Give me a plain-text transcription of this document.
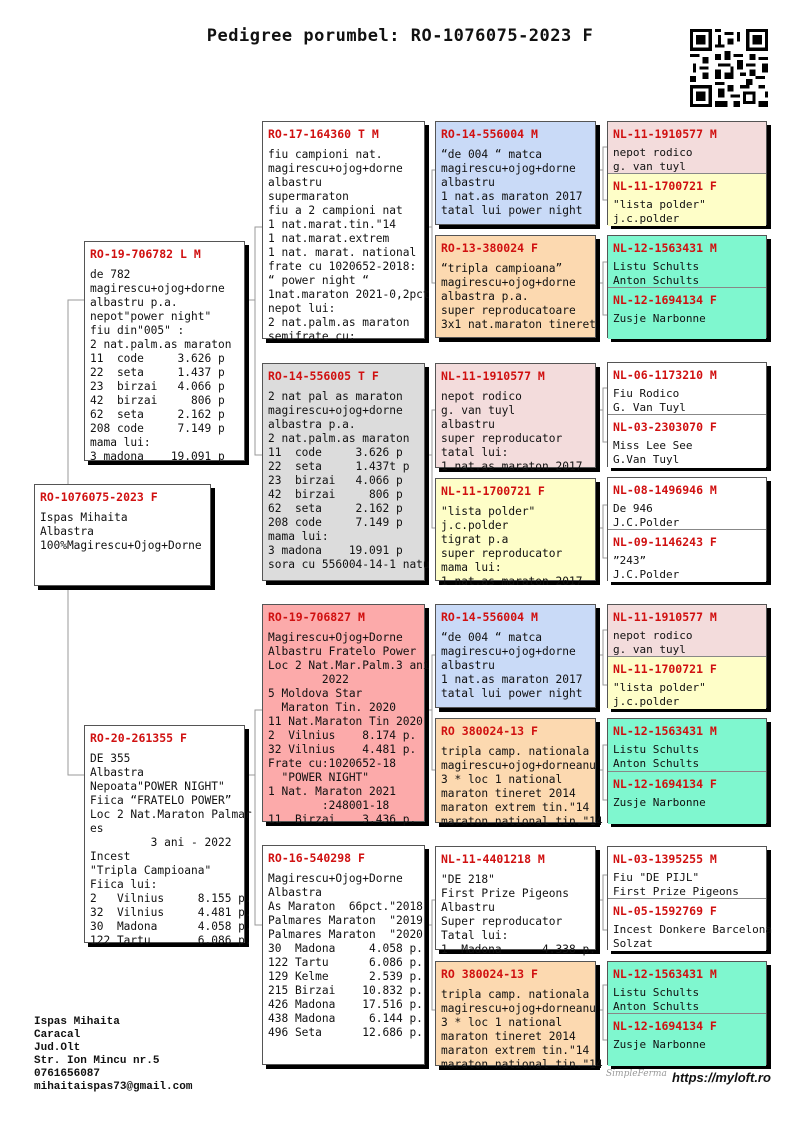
Pedigree porumbel: RO-1076075-2023 F
RO-1076075-2023 F
Ispas Mihaita
Albastra
100%Magirescu+Ojog+Dorne
RO-19-706782 L M
de 782
magirescu+ojog+dorne
albastru p.a.
nepot"power night"
fiu din"005" :
2 nat.palm.as maraton
11  code     3.626 p
22  seta     1.437 p
23  birzai   4.066 p
42  birzai     806 p
62  seta     2.162 p
208 code     7.149 p
mama lui:
3 madona    19.091 p
RO-20-261355 F
DE 355
Albastra
Nepoata"POWER NIGHT"
Fiica “FRATELO POWER”
Loc 2 Nat.Maraton Palmar
es
3 ani - 2022
Incest
"Tripla Campioana"
Fiica lui:
2   Vilnius     8.155 p.
32  Vilnius     4.481 p.
30  Madona      4.058 p.
122 Tartu       6.086 p.
RO-17-164360 T M
fiu campioni nat.
magirescu+ojog+dorne
albastru
supermaraton
fiu a 2 campioni nat
1 nat.marat.tin."14
1 nat.marat.extrem
1 nat. marat. national
frate cu 1020652-2018:
“ power night “
1nat.maraton 2021-0,2pct
nepot lui:
2 nat.palm.as maraton
semifrate cu:
RO-14-556005 T F
2 nat pal as maraton
magirescu+ojog+dorne
albastra p.a.
2 nat.palm.as maraton
11  code     3.626 p
22  seta     1.437t p
23  birzai   4.066 p
42  birzai     806 p
62  seta     2.162 p
208 code     7.149 p
mama lui:
3 madona    19.091 p
sora cu 556004-14-1 natu
RO-19-706827 M
Magirescu+Ojog+Dorne
Albastru Fratelo Power
Loc 2 Nat.Mar.Palm.3 ani
2022
5 Moldova Star
Maraton Tin. 2020
11 Nat.Maraton Tin 2020
2  Vilnius    8.174 p.
32 Vilnius    4.481 p.
Frate cu:1020652-18
"POWER NIGHT"
1 Nat. Maraton 2021
:248001-18
11  Birzai    3.436 p.
RO-16-540298 F
Magirescu+Ojog+Dorne
Albastra
As Maraton  66pct."2018
Palmares Maraton  "2019
Palmares Maraton  "2020
30  Madona     4.058 p.
122 Tartu      6.086 p.
129 Kelme      2.539 p.
215 Birzai    10.832 p.
426 Madona    17.516 p.
438 Madona     6.144 p.
496 Seta      12.686 p.
RO-14-556004 M
“de 004 “ matca
magirescu+ojog+dorne
albastru
1 nat.as maraton 2017
tatal lui power night
RO-13-380024 F
“tripla campioana”
magirescu+ojog+dorne
albastra p.a.
super reproducatoare
3x1 nat.maraton tineret
NL-11-1910577 M
nepot rodico
g. van tuyl
albastru
super reproducator
tatal lui:
1 nat.as maraton 2017
NL-11-1700721 F
"lista polder"
j.c.polder
tigrat p.a
super reproducator
mama lui:
1 nat.as maraton 2017
RO-14-556004 M
“de 004 “ matca
magirescu+ojog+dorne
albastru
1 nat.as maraton 2017
tatal lui power night
RO 380024-13 F
tripla camp. nationala
magirescu+ojog+dorneanu
3 * loc 1 national
maraton tineret 2014
maraton extrem tin."14
maraton national tin."14
NL-11-4401218 M
"DE 218"
First Prize Pigeons
Albastru
Super reproducator
Tatal lui:
1  Madona      4.338 p.
RO 380024-13 F
tripla camp. nationala
magirescu+ojog+dorneanu
3 * loc 1 national
maraton tineret 2014
maraton extrem tin."14
maraton national tin."14
NL-11-1910577 M
nepot rodico
g. van tuyl
NL-11-1700721 F
"lista polder"
j.c.polder
NL-12-1563431 M
Listu Schults
Anton Schults
NL-12-1694134 F
Zusje Narbonne
NL-06-1173210 M
Fiu Rodico
G. Van Tuyl
NL-03-2303070 F
Miss Lee See
G.Van Tuyl
NL-08-1496946 M
De 946
J.C.Polder
NL-09-1146243 F
”243”
J.C.Polder
NL-11-1910577 M
nepot rodico
g. van tuyl
NL-11-1700721 F
"lista polder"
j.c.polder
NL-12-1563431 M
Listu Schults
Anton Schults
NL-12-1694134 F
Zusje Narbonne
NL-03-1395255 M
Fiu "DE PIJL"
First Prize Pigeons
NL-05-1592769 F
Incest Donkere Barcelona
Solzat
NL-12-1563431 M
Listu Schults
Anton Schults
NL-12-1694134 F
Zusje Narbonne
Ispas Mihaita
Caracal
Jud.Olt
Str. Ion Mincu nr.5
0761656087
mihaitaispas73@gmail.com
SimpleFerma https://myloft.ro
